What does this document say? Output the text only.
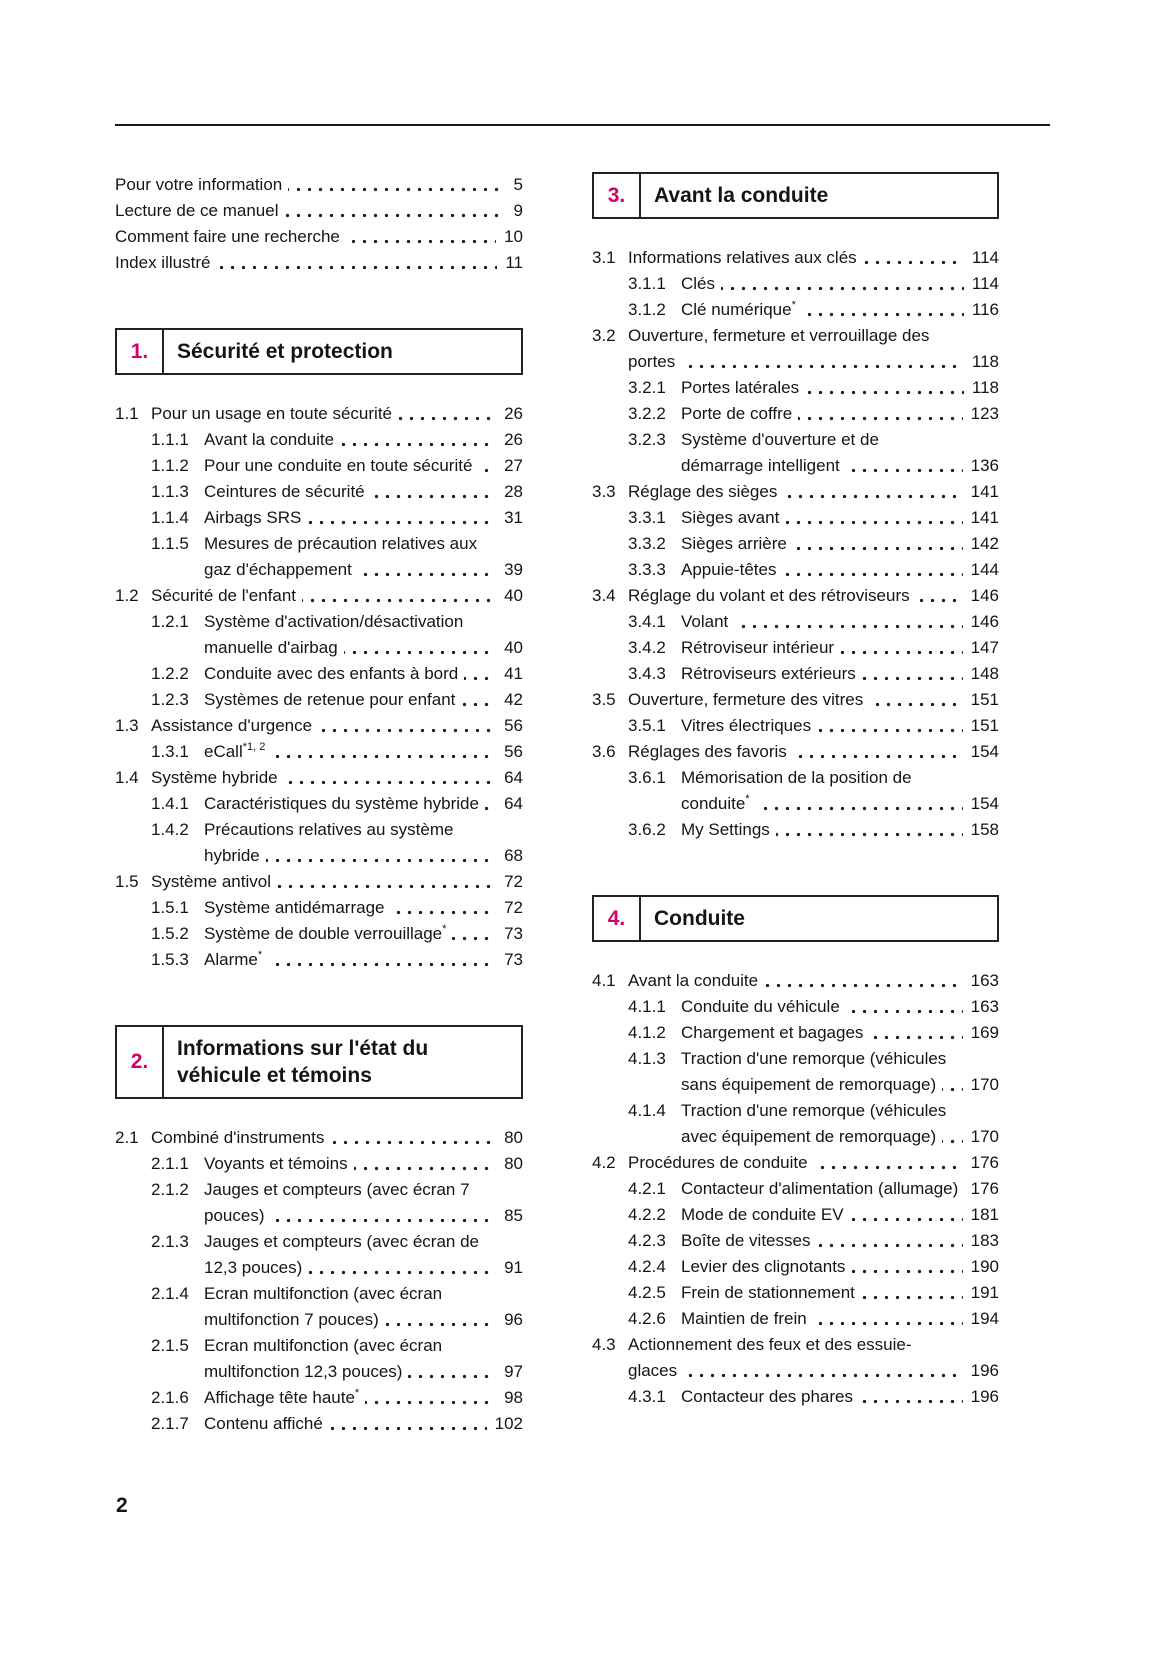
Pour votre information	5
Lecture de ce manuel	9
Comment faire une recherche	10
Index illustré	11
1.	Sécurité et protection
1.1 Pour un usage en toute sécurité	26
1.1.1 Avant la conduite	26
1.1.2 Pour une conduite en toute sécurité	27
1.1.3 Ceintures de sécurité	28
1.1.4 Airbags SRS	31
1.1.5 Mesures de précaution relatives aux gaz d'échappement	39
1.2 Sécurité de l'enfant	40
1.2.1 Système d'activation/désactivation manuelle d'airbag	40
1.2.2 Conduite avec des enfants à bord	41
1.2.3 Systèmes de retenue pour enfant	42
1.3 Assistance d'urgence	56
1.3.1 eCall$^{*1, 2}$	56
1.4 Système hybride	64
1.4.1 Caractéristiques du système hybride	64
1.4.2 Précautions relatives au système hybride	68
1.5 Système antivol	72
1.5.1 Système antidémarrage	72
1.5.2 Système de double verrouillage*	73
1.5.3 Alarme*	73
2.
Informations sur l'état du véhicule et témoins
2.1 Combiné d'instruments	80
2.1.1 Voyants et témoins	80
2.1.2 Jauges et compteurs (avec écran 7 pouces)	85
2.1.3 Jauges et compteurs (avec écran de 12,3 pouces)	91
2.1.4 Ecran multifonction (avec écran multifonction 7 pouces)	96
2.1.5 Ecran multifonction (avec écran multifonction 12,3 pouces)	97
2.1.6 Affichage tête haute*	98
2.1.7 Contenu affiché	102
3.	Avant la conduite
3.1 Informations relatives aux clés	114
3.1.1 Clés	114
3.1.2 Clé numérique*	116
3.2 Ouverture, fermeture et verrouillage des portes	118
3.2.1 Portes latérales	118
3.2.2 Porte de coffre	123
3.2.3 Système d'ouverture et de démarrage intelligent	136
3.3 Réglage des sièges	141
3.3.1 Sièges avant	141
3.3.2 Sièges arrière	142
3.3.3 Appuie-têtes	144
3.4 Réglage du volant et des rétroviseurs	146
3.4.1 Volant	146
3.4.2 Rétroviseur intérieur	147
3.4.3 Rétroviseurs extérieurs	148
3.5 Ouverture, fermeture des vitres	151
3.5.1 Vitres électriques	151
3.6 Réglages des favoris	154
3.6.1 Mémorisation de la position de conduite*	154
3.6.2 My Settings	158
4.	Conduite
4.1 Avant la conduite	163
4.1.1 Conduite du véhicule	163
4.1.2 Chargement et bagages	169
4.1.3 Traction d'une remorque (véhicules sans équipement de remorquage)	170
4.1.4 Traction d'une remorque (véhicules avec équipement de remorquage)	170
4.2 Procédures de conduite	176
4.2.1 Contacteur d'alimentation (allumage) 176
4.2.2 Mode de conduite EV	181
4.2.3 Boîte de vitesses	183
4.2.4 Levier des clignotants	190
4.2.5 Frein de stationnement	191
4.2.6 Maintien de frein	194
4.3 Actionnement des feux et des essuie-glaces	196
4.3.1 Contacteur des phares	196
2
